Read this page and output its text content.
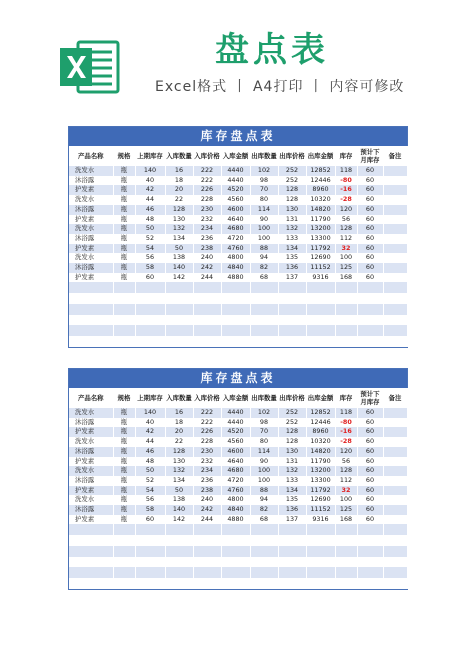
盘点表
Excel格式 丨 A4打印 丨 内容可修改
库存盘点表
产品名称	规格	上期库存	入库数量	入库价格	入库金额	出库数量	出库价格	出库金额	库存	预计下月库存	备注
洗发水	瓶	140	16	222	4440	102	252	12852	118	60	
沐浴露	瓶	40	18	222	4440	98	252	12446	-80	60	
护发素	瓶	42	20	226	4520	70	128	8960	-16	60	
洗发水	瓶	44	22	228	4560	80	128	10320	-28	60	
沐浴露	瓶	46	128	230	4600	114	130	14820	120	60	
护发素	瓶	48	130	232	4640	90	131	11790	56	60	
洗发水	瓶	50	132	234	4680	100	132	13200	128	60	
沐浴露	瓶	52	134	236	4720	100	133	13300	112	60	
护发素	瓶	54	50	238	4760	88	134	11792	32	60	
洗发水	瓶	56	138	240	4800	94	135	12690	100	60	
沐浴露	瓶	58	140	242	4840	82	136	11152	125	60	
护发素	瓶	60	142	244	4880	68	137	9316	168	60	

库存盘点表
产品名称	规格	上期库存	入库数量	入库价格	入库金额	出库数量	出库价格	出库金额	库存	预计下月库存	备注
洗发水	瓶	140	16	222	4440	102	252	12852	118	60	
沐浴露	瓶	40	18	222	4440	98	252	12446	-80	60	
护发素	瓶	42	20	226	4520	70	128	8960	-16	60	
洗发水	瓶	44	22	228	4560	80	128	10320	-28	60	
沐浴露	瓶	46	128	230	4600	114	130	14820	120	60	
护发素	瓶	48	130	232	4640	90	131	11790	56	60	
洗发水	瓶	50	132	234	4680	100	132	13200	128	60	
沐浴露	瓶	52	134	236	4720	100	133	13300	112	60	
护发素	瓶	54	50	238	4760	88	134	11792	32	60	
洗发水	瓶	56	138	240	4800	94	135	12690	100	60	
沐浴露	瓶	58	140	242	4840	82	136	11152	125	60	
护发素	瓶	60	142	244	4880	68	137	9316	168	60	
